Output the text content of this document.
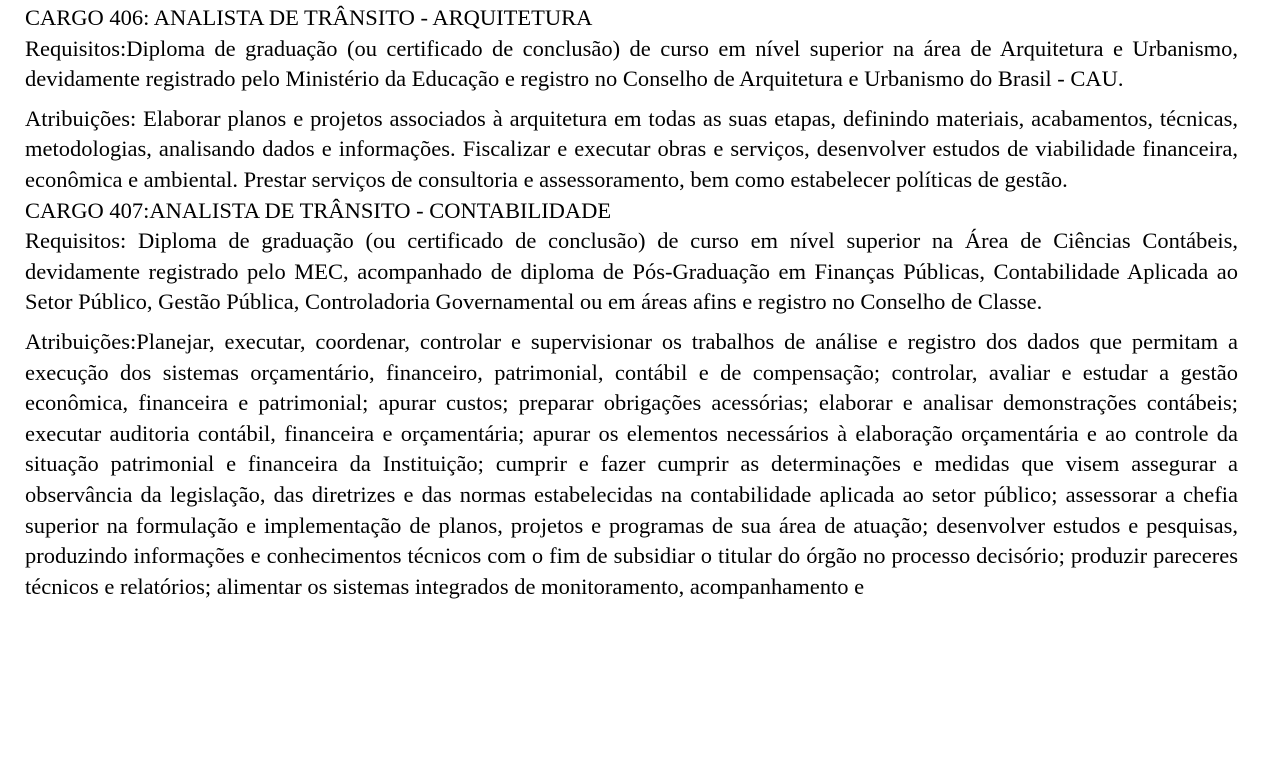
CARGO 406: ANALISTA DE TRÂNSITO - ARQUITETURA

Requisitos:Diploma de graduação (ou certificado de conclusão) de curso em nível superior na área de Arquitetura e Urbanismo, devidamente registrado pelo Ministério da Educação e registro no Conselho de Arquitetura e Urbanismo do Brasil - CAU.

Atribuições: Elaborar planos e projetos associados à arquitetura em todas as suas etapas, definindo materiais, acabamentos, técnicas, metodologias, analisando dados e informações. Fiscalizar e executar obras e serviços, desenvolver estudos de viabilidade financeira, econômica e ambiental. Prestar serviços de consultoria e assessoramento, bem como estabelecer políticas de gestão.

CARGO 407:ANALISTA DE TRÂNSITO - CONTABILIDADE

Requisitos: Diploma de graduação (ou certificado de conclusão) de curso em nível superior na Área de Ciências Contábeis, devidamente registrado pelo MEC, acompanhado de diploma de Pós-Graduação em Finanças Públicas, Contabilidade Aplicada ao Setor Público, Gestão Pública, Controladoria Governamental ou em áreas afins e registro no Conselho de Classe.

Atribuições:Planejar, executar, coordenar, controlar e supervisionar os trabalhos de análise e registro dos dados que permitam a execução dos sistemas orçamentário, financeiro, patrimonial, contábil e de compensação; controlar, avaliar e estudar a gestão econômica, financeira e patrimonial; apurar custos; preparar obrigações acessórias; elaborar e analisar demonstrações contábeis; executar auditoria contábil, financeira e orçamentária; apurar os elementos necessários à elaboração orçamentária e ao controle da situação patrimonial e financeira da Instituição; cumprir e fazer cumprir as determinações e medidas que visem assegurar a observância da legislação, das diretrizes e das normas estabelecidas na contabilidade aplicada ao setor público; assessorar a chefia superior na formulação e implementação de planos, projetos e programas de sua área de atuação; desenvolver estudos e pesquisas, produzindo informações e conhecimentos técnicos com o fim de subsidiar o titular do órgão no processo decisório; produzir pareceres técnicos e relatórios; alimentar os sistemas integrados de monitoramento, acompanhamento e
